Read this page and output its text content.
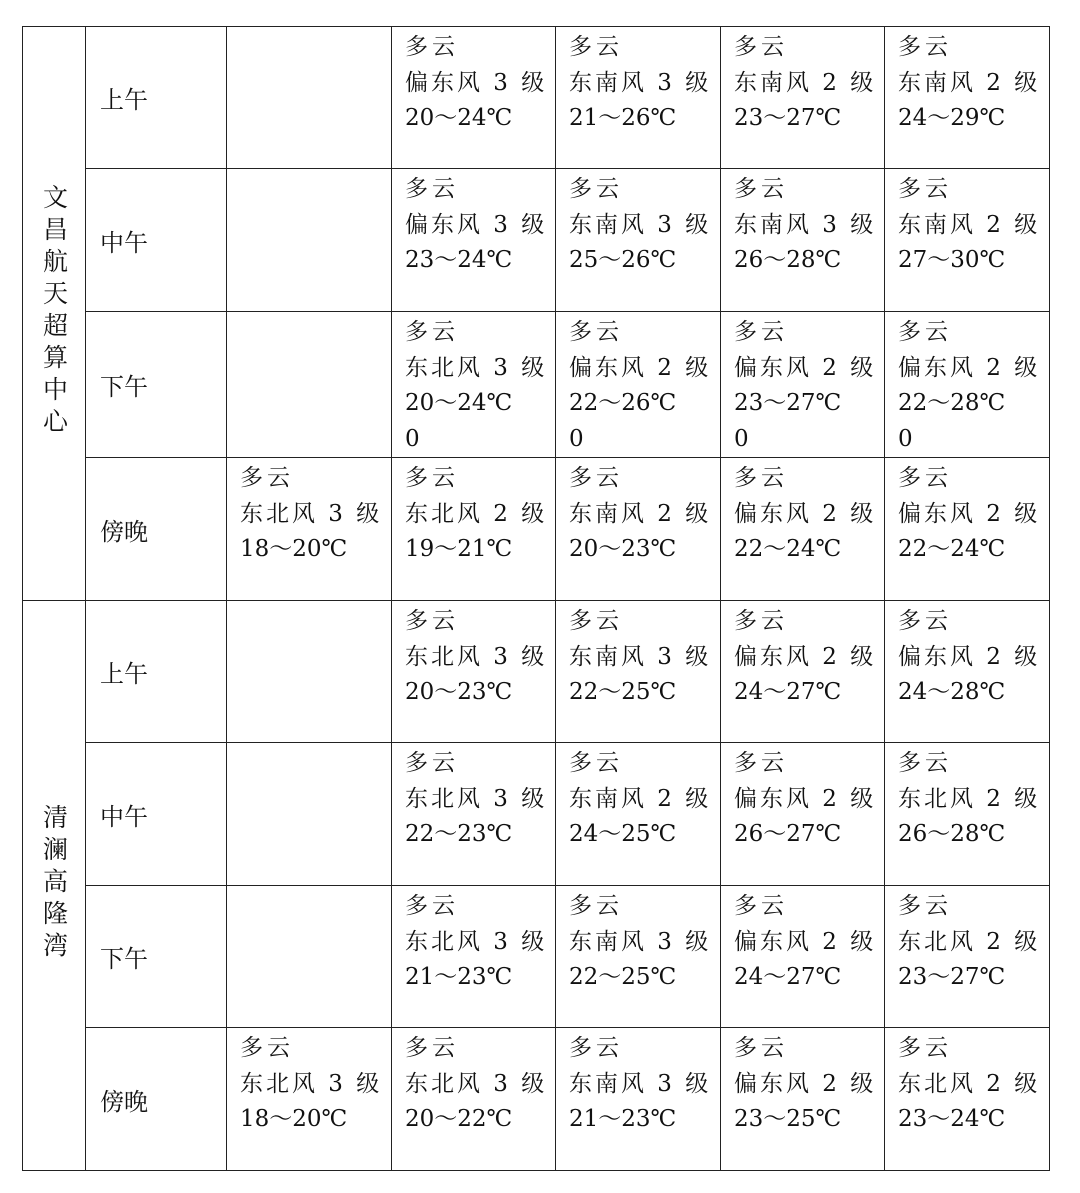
文昌航天超算中心	上午		多云
偏东风 3 级
20～24℃	多云
东南风 3 级
21～26℃	多云
东南风 2 级
23～27℃	多云
东南风 2 级
24～29℃

	中午		多云
偏东风 3 级
23～24℃	多云
东南风 3 级
25～26℃	多云
东南风 3 级
26～28℃	多云
东南风 2 级
27～30℃

	下午		多云
东北风 3 级
20～24℃
0	多云
偏东风 2 级
22～26℃
0	多云
偏东风 2 级
23～27℃
0	多云
偏东风 2 级
22～28℃
0

	傍晚	多云
东北风 3 级
18～20℃	多云
东北风 2 级
19～21℃	多云
东南风 2 级
20～23℃	多云
偏东风 2 级
22～24℃	多云
偏东风 2 级
22～24℃

清澜高隆湾	上午		多云
东北风 3 级
20～23℃	多云
东南风 3 级
22～25℃	多云
偏东风 2 级
24～27℃	多云
偏东风 2 级
24～28℃

	中午		多云
东北风 3 级
22～23℃	多云
东南风 2 级
24～25℃	多云
偏东风 2 级
26～27℃	多云
东北风 2 级
26～28℃

	下午		多云
东北风 3 级
21～23℃	多云
东南风 3 级
22～25℃	多云
偏东风 2 级
24～27℃	多云
东北风 2 级
23～27℃

	傍晚	多云
东北风 3 级
18～20℃	多云
东北风 3 级
20～22℃	多云
东南风 3 级
21～23℃	多云
偏东风 2 级
23～25℃	多云
东北风 2 级
23～24℃
